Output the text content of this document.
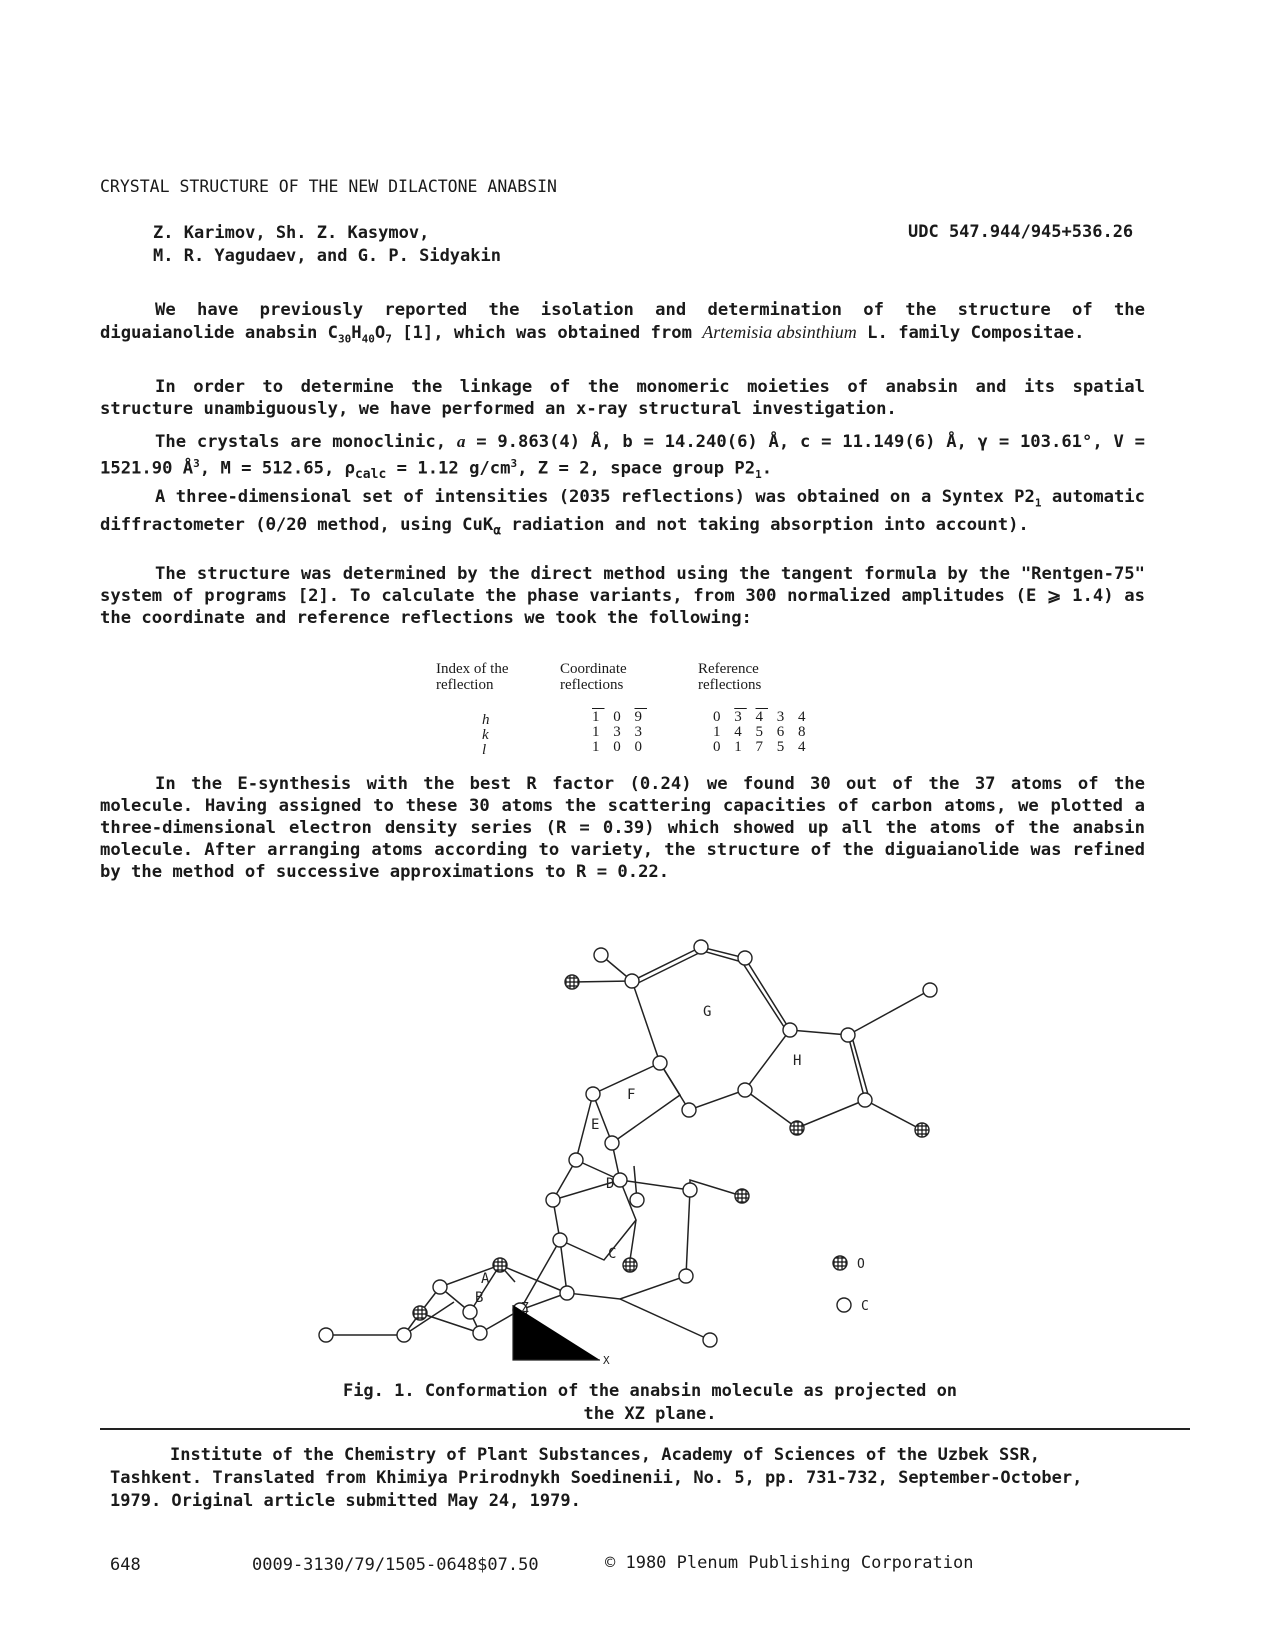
CRYSTAL STRUCTURE OF THE NEW DILACTONE ANABSIN
Z. Karimov, Sh. Z. Kasymov,
M. R. Yagudaev, and G. P. Sidyakin
UDC 547.944/945+536.26
We have previously reported the isolation and determination of the structure of the diguaianolide anabsin $C_{30}H_{40}O_7$ [1], which was obtained from Artemisia absinthium L. family Compositae.
In order to determine the linkage of the monomeric moieties of anabsin and its spatial structure unambiguously, we have performed an x-ray structural investigation.
The crystals are monoclinic, a = 9.863(4) Å, b = 14.240(6) Å, c = 11.149(6) Å, γ = 103.61°, V = 1521.90 $Å^3$, M = 512.65, $\rho_{calc} = 1.12$ $g/cm^3$, Z = 2, space group $P2_1$.
A three-dimensional set of intensities (2035 reflections) was obtained on a Syntex $P2_1$ automatic diffractometer (θ/2θ method, using CuK$_\alpha$ radiation and not taking absorption into account).
The structure was determined by the direct method using the tangent formula by the "Rentgen-75" system of programs [2]. To calculate the phase variants, from 300 normalized amplitudes (E ⩾ 1.4) as the coordinate and reference reflections we took the following:
Index of the reflection
Coordinate reflections
Reference reflections
h
k
l
1 0 9
1 3 3
1 0 0
0 3 4 3 4
1 4 5 6 8
0 1 7 5 4
In the E-synthesis with the best R factor (0.24) we found 30 out of the 37 atoms of the molecule. Having assigned to these 30 atoms the scattering capacities of carbon atoms, we plotted a three-dimensional electron density series (R = 0.39) which showed up all the atoms of the anabsin molecule. After arranging atoms according to variety, the structure of the diguaianolide was refined by the method of successive approximations to R = 0.22.
G
H
F
E
D
C
A
B
Z
X
O
C
Fig. 1. Conformation of the anabsin molecule as projected on
the XZ plane.
Institute of the Chemistry of Plant Substances, Academy of Sciences of the Uzbek SSR, Tashkent. Translated from Khimiya Prirodnykh Soedinenii, No. 5, pp. 731-732, September-October, 1979. Original article submitted May 24, 1979.
648	0009-3130/79/1505-0648$07.50	© 1980 Plenum Publishing Corporation
